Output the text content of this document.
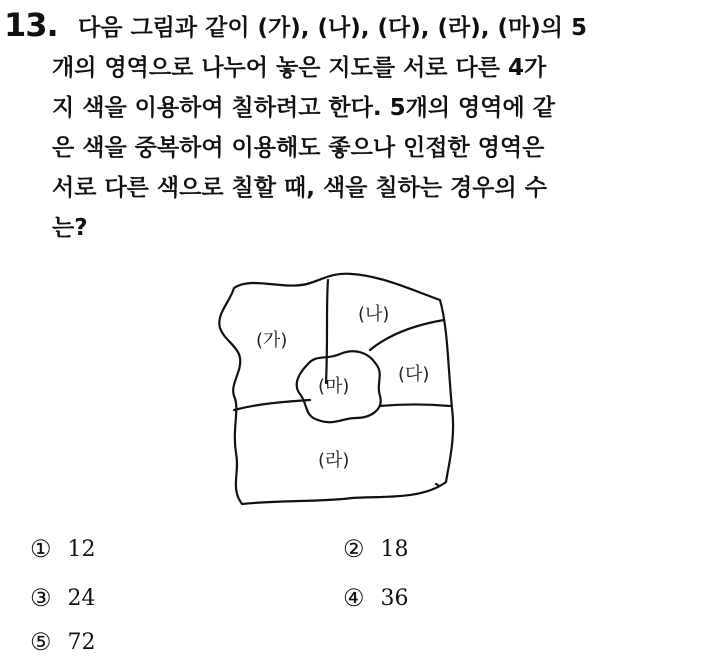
13. 다음 그림과 같이 (가), (나), (다), (라), (마)의 5
개의 영역으로 나누어 놓은 지도를 서로 다른 4가
지 색을 이용하여 칠하려고 한다. 5개의 영역에 같
은 색을 중복하여 이용해도 좋으나 인접한 영역은
서로 다른 색으로 칠할 때, 색을 칠하는 경우의 수
는?

(가)
(나)
(다)
(마)
(라)
① 12	② 18
③ 24	④ 36
⑤ 72
